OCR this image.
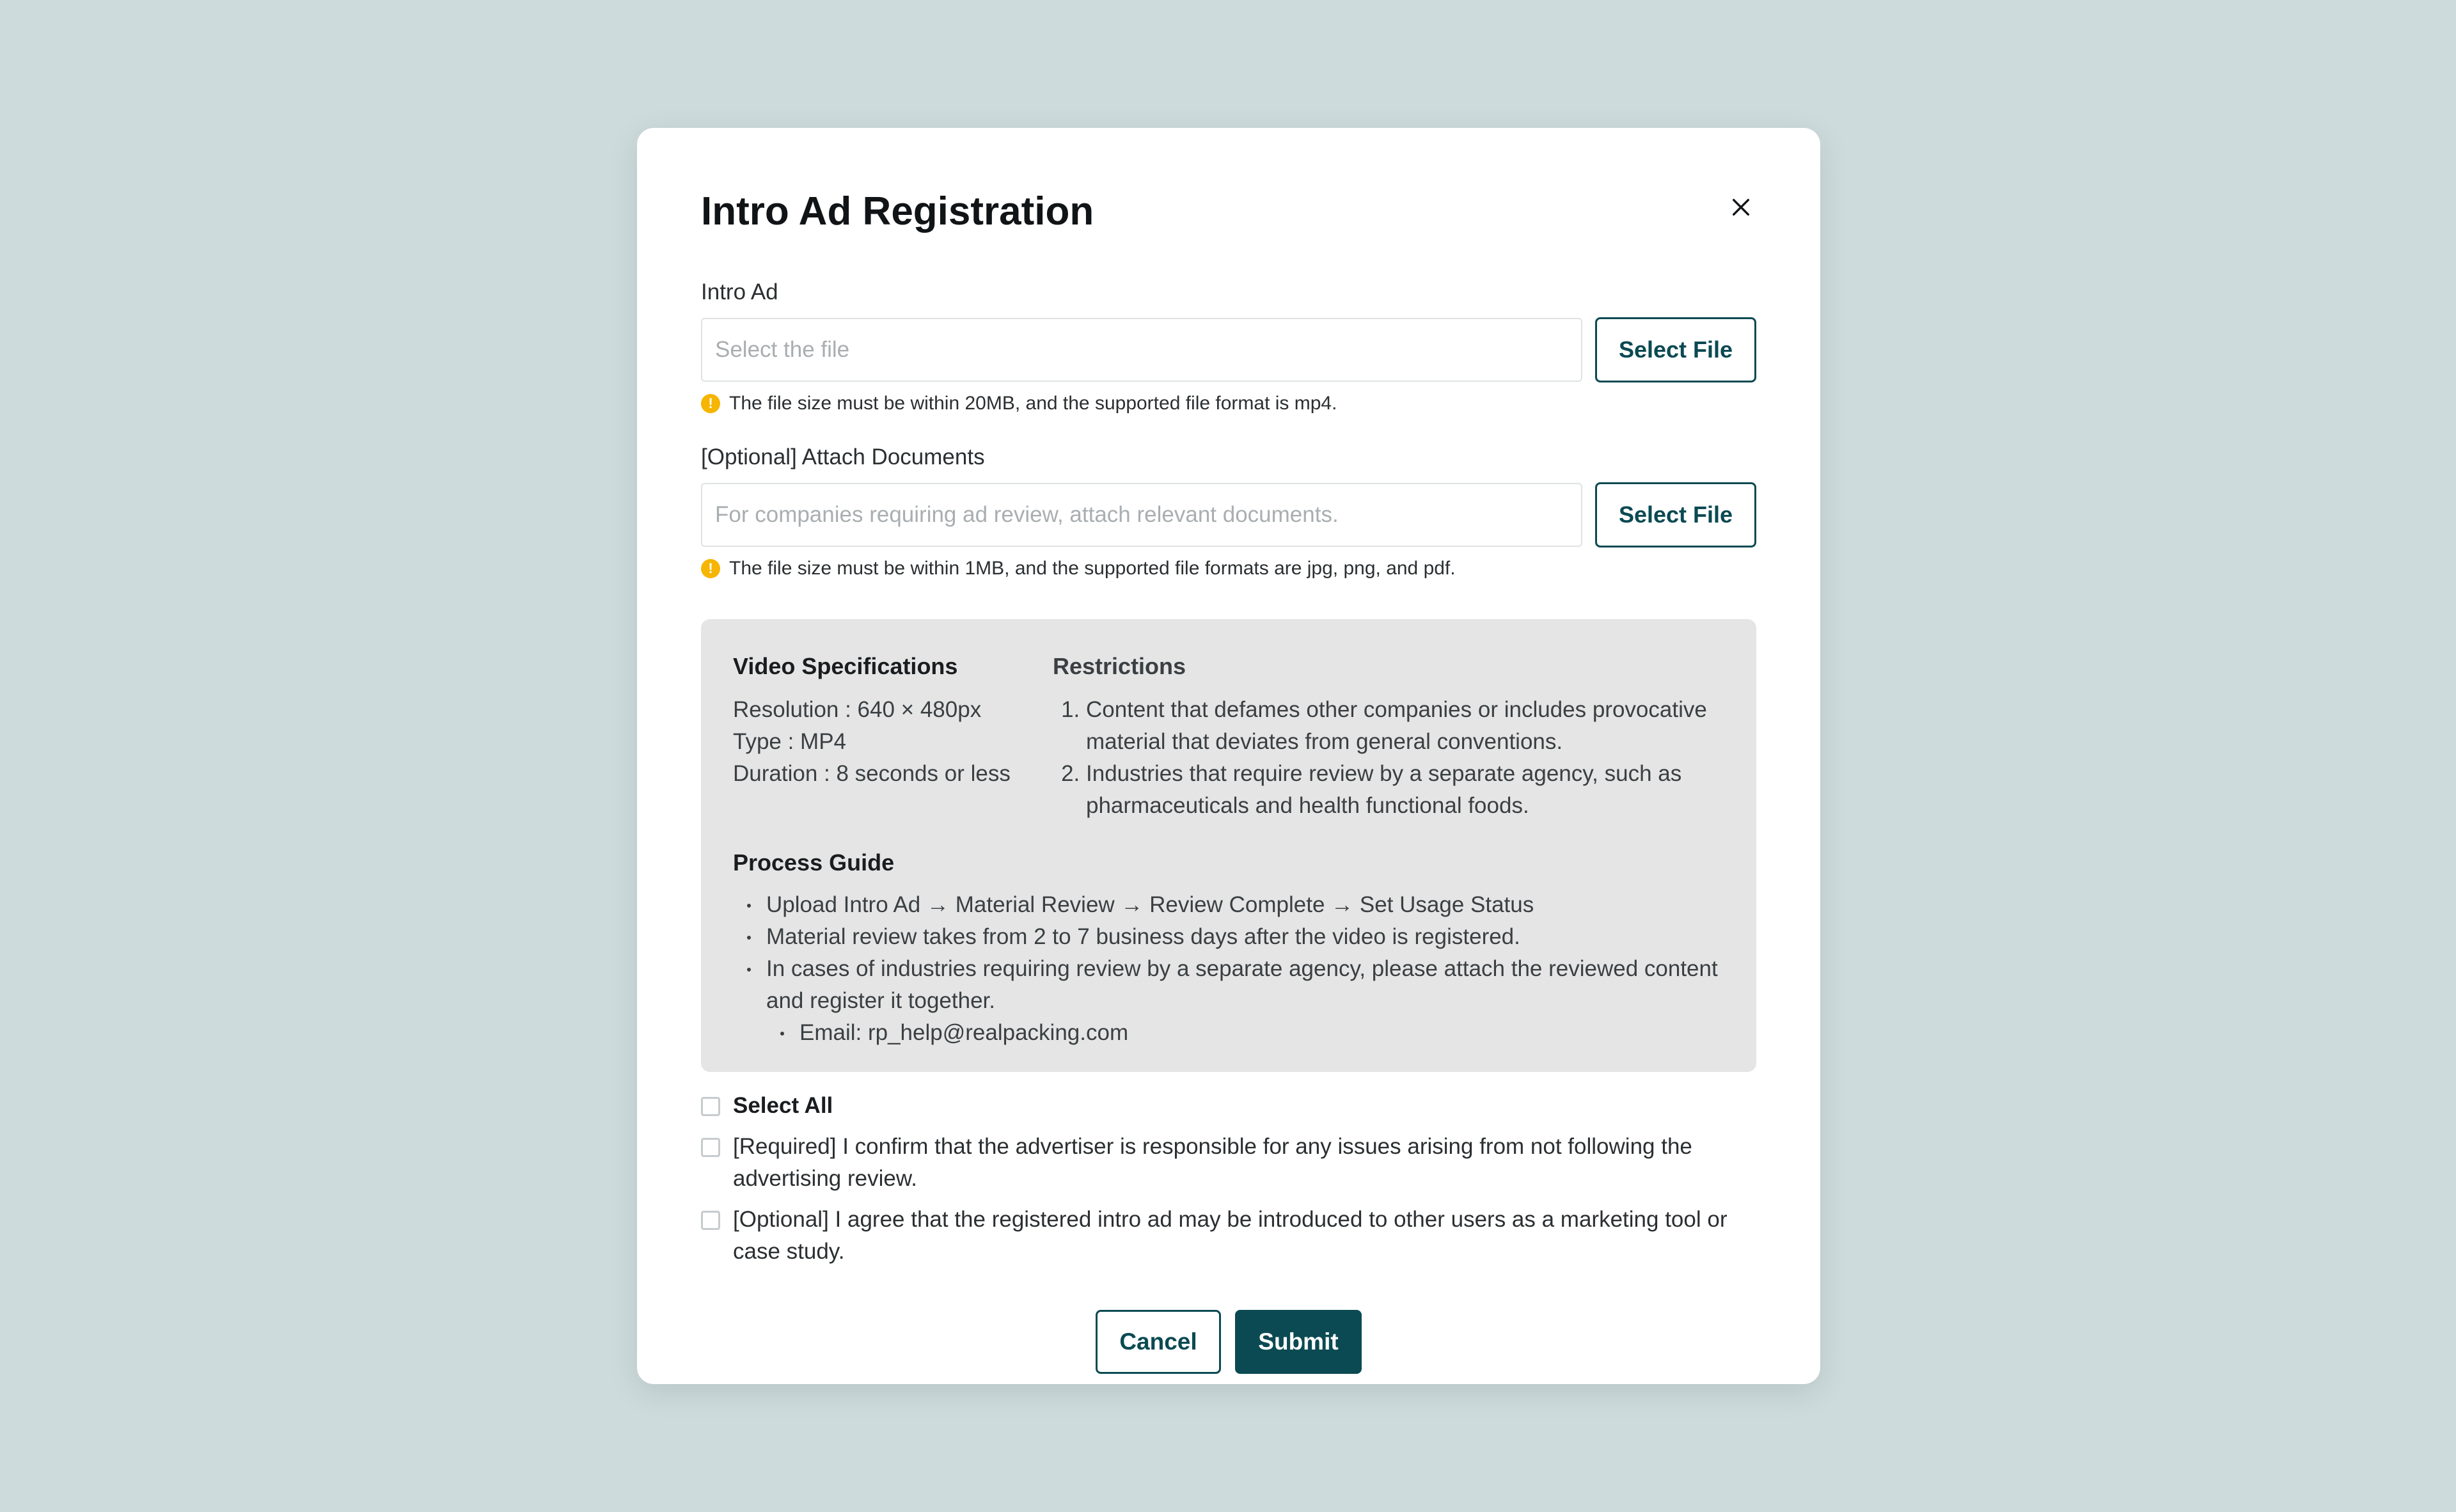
Intro Ad Registration
Intro Ad
Select the file
Select File
! The file size must be within 20MB, and the supported file format is mp4.
[Optional] Attach Documents
For companies requiring ad review, attach relevant documents.
Select File
! The file size must be within 1MB, and the supported file formats are jpg, png, and pdf.
Video Specifications
Resolution : 640 × 480px
Type : MP4
Duration : 8 seconds or less
Restrictions
1. Content that defames other companies or includes provocative material that deviates from general conventions.
2. Industries that require review by a separate agency, such as pharmaceuticals and health functional foods.
Process Guide
Upload Intro Ad → Material Review → Review Complete → Set Usage Status
Material review takes from 2 to 7 business days after the video is registered.
In cases of industries requiring review by a separate agency, please attach the reviewed content and register it together.
Email: rp_help@realpacking.com
Select All
[Required] I confirm that the advertiser is responsible for any issues arising from not following the advertising review.
[Optional] I agree that the registered intro ad may be introduced to other users as a marketing tool or case study.
Cancel	Submit
